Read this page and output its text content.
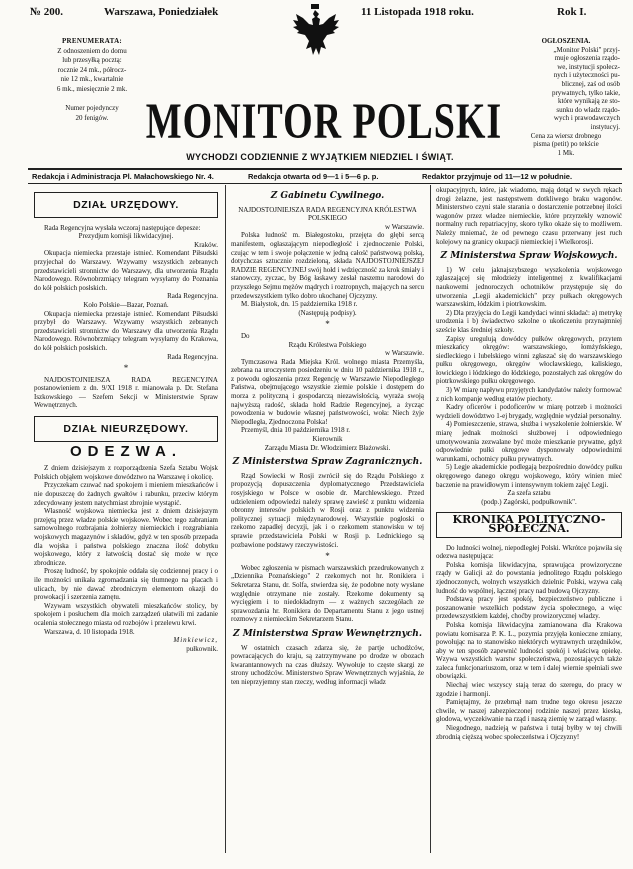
№ 200.	Warszawa, Poniedziałek	11 Listopada 1918 roku.	Rok I.
PRENUMERATA:
Z odnoszeniem do domu
lub przesyłką pocztą:
rocznie 24 mk., półrocz-
nie 12 mk., kwartalnie
6 mk., miesięcznie 2 mk.

Numer pojedynczy
20 fenigów.
OGŁOSZENIA.
„Monitor Polski" przyj-
muje ogłoszenia rządo-
we, instytucji społecz-
nych i użyteczności pu-
blicznej, zaś od osób
prywatnych, tylko takie,
które wynikają ze sto-
sunku do władz rządo-
wych i prawodawczych
instytucyj.
Cena za wiersz drobnego
pisma (petit) po tekście
1 Mk.
MONITOR POLSKI
WYCHODZI CODZIENNIE Z WYJĄTKIEM NIEDZIEL I ŚWIĄT.
Redakcja i Administracja Pl. Małachowskiego Nr. 4.	Redakcja otwarta od 9—1 i 5—6 p. p.	Redaktor przyjmuje od 11—12 w południe.
DZIAŁ URZĘDOWY.

Rada Regencyjna wysłała wczoraj następujące depesze:

Prezydjum komisji likwidacyjnej.

Kraków.

Okupacja niemiecka przestaje istnieć. Komendant Piłsudski przyjechał do Warszawy. Wzywamy wszystkich zebranych przedstawicieli stronnictw do Warszawy, dla utworzenia Rządu Narodowego. Równobrzmiący telegram wysyłamy do Poznania do kół polskich posłskich.

Rada Regencyjna.

Koło Polskie—Bazar, Poznań.

Okupacja niemiecka przestaje istnieć. Komendant Piłsudski przybył do Warszawy. Wzywamy wszystkich zebranych przedstawicieli stronnictw do Warszawy dla utworzenia Rządu Narodowego. Równobrzmiący telegram wysyłamy do Krakowa, do kół polskich posłskich.

Rada Regencyjna.

*

NAJDOSTOJNIEJSZA RADA REGENCYJNA postanowieniem z dn. 9/XI 1918 r. mianowała p. Dr. Stefana Iszkowskiego — Szefem Sekcji w Ministerstwie Spraw Wewnętrznych.

DZIAŁ NIEURZĘDOWY.
ODEZWA.

Z dniem dzisiejszym z rozporządzenia Szefa Sztabu Wojsk Polskich objąłem wojskowe dowództwo na Warszawę i okolicę.

Przyczekam czuwać nad spokojem i mieniem mieszkańców i nie dopuszczę do żadnych gwałtów i rabunku, przeciw którym zdecydowany jestem natychmiast zbrojnie wystąpić.

Własność wojskowa niemiecka jest z dniem dzisiejszym przejętą przez władze polskie wojskowe. Wobec tego zabraniam samowolnego rozbrajania żołnierzy niemieckich i rozgrabiania wojskowych magazynów i składów, gdyż w ten sposób przepada dla wojska i państwa polskiego znaczna ilość dobytku wojskowego, który z łatwością dostać się może w ręce zbrodnicze.

Proszę ludność, by spokojnie oddała się codziennej pracy i o ile możności unikała zgromadzania się tłumnego na placach i ulicach, by nie dawać zbrodniczym elementom okazji do prowokacji i szerzenia zamętu.

Wzywam wszystkich obywateli mieszkańców stolicy, by spokojem i posłuchem dla moich zarządzeń ułatwili mi zadanie ocalenia stołecznego miasta od rozbojów i przelewu krwi.

Warszawa, d. 10 listopada 1918.

Minkiewicz,

pułkownik.

Z Gabinetu Cywilnego.

NAJDOSTOJNIEJSZA RADA REGENCYJNA KRÓLESTWA POLSKIEGO

w Warszawie.

Polska ludność m. Białegostoku, przejęta do głębi sercą manifestem, ogłaszającym niepodległość i zjednoczenie Polski, czując w tem i swoje połączenie w jedną całość państwową polską, dotychczas sztucznie rozdzieloną, składa NAJDOSTOJNIEJSZEJ RADZIE REGENCYJNEJ swój hołd i wdzięczność za krok śmiały i stanowczy, zyczac, by Bóg łaskawy zesłał naszemu narodowi do przyszłego Sejmu mężów mądrych i roztropnych, mających na sercu przedewszystkiem tylko dobro ukochanej Ojczyzny.

M. Białystok, dn. 15 października 1918 r.

(Następują podpisy).

*

Do

Rządu Królestwa Polskiego

w Warszawie.

Tymczasowa Rada Miejska Król. wolnego miasta Przemyśla, zebrana na uroczystem posiedzeniu w dniu 10 października 1918 r., z powodu ogłoszenia przez Regencję w Warszawie Niepodległego Państwa, obejmującego wszystkie ziemie polskie i dostępem do morza z polityczną i gospodarczą niezawisłością, wyraża swoją najwyższą radość, składa hołd Radzie Regencyjnej, a życząc powodzenia w budowie własnej państwowości, woła: Niech żyje Niepodległa, Zjednoczona Polska!

Przemyśl, dnia 10 października 1918 r.

Kierownik

Zarządu Miasta Dr. Włodzimierz Błażowski.

Z Ministerstwa Spraw Zagranicznych.

Rząd Sowiecki w Rosji zwrócił się do Rządu Polskiego z propozycją dopuszczenia dyplomatycznego Przedstawiciela rosyjskiego w Polsce w osobie dr. Marchlewskiego. Przed udzieleniem odpowiedzi należy sprawę zawieść z punktu widzenia obronny interesów polskich w Rosji oraz z punktu widzenia politycznej sytuacji międzynarodowej. Wszystkie pogłoski o rzekomo zapadłej decyzji, jak i o rzekomem stanowisku w tej sprawie przedstawiciela Polski w Rosji p. Lednickiego są pozbawione podstawy rzeczywistości.

*

Wobec zgłoszenia w pismach warszawskich przedrukowanych z „Dziennika Poznańskiego" 2 rzekomych not hr. Ronikiera i Sekretarza Stanu, dr. Solfa, stwierdza się, że podobne noty wysłane względnie otrzymane nie zostały. Rzekome dokumenty są wycięgiem i to niedokładnym — z ważnych szczegółach ze sprawozdania hr. Ronikiera do Departamentu Stanu z jego ustnej rozmowy z niemieckim Sekretarzem Stanu.

Z Ministerstwa Spraw Wewnętrznych.

W ostatnich czasach zdarza się, że partje uchodźców, powracających do kraju, są zatrzymywane po drodze w obozach kwarantannowych na czas dłuższy. Wywołuje to częste skargi ze strony uchodźców. Ministerstwo Spraw Wewnętrznych wyjaśnia, że ten nieprzyjemny stan rzeczy, według informacji władz

okupacyjnych, które, jak wiadomo, mają dotąd w swych rękach drogi żelazne, jest następstwem dotkliwego braku wagonów. Ministerstwo czyni stale starania o dostarczenie potrzebnej ilości wagonów przez władze niemieckie, które przyrzekły wznowić normalny ruch repatriacyjny, skoro tylko okaże się to możliwem. Należy mniemać, że od pewnego czasu przerwany jest ruch kolejowy na granicy okupacji niemieckiej i Wielkorosji.

Z Ministerstwa Spraw Wojskowych.

1) W celu jaknajszybszego wyszkolenia wojskowego zgłaszającej się młodzieży inteligentnej z kwalifikacjami naukowemi jednoroczych ochotników przystępuje się do utworzenia „Legji akademickich" przy pułkach okręgowych warszawskim, łódzkim i piotrkowskim.

2) Dla przyjęcia do Legji kandydaci winni składać: a) metrykę urodzenia i b) świadectwo szkolne o ukończeniu przynajmniej szeście klas średniej szkoły.

Zapisy uregulują dowódcy pułków okręgowych, przytem mieszkańcy okręgów: warszawskiego, łomżyńskiego, siedleckiego i lubelskiego winni zgłaszać się do warszawskiego pułku okręgowego, okręgów włocławskiego, kaliskiego, łowickiego i łódzkiego do łódzkiego, pozostałych zaś okręgów do piotrkowskiego pułku okręgowego.

3) W miarę napływu przyjętych kandydatów należy formować z nich kompanje według etatów piechoty.

Kadry oficerów i podoficerów w miarę potrzeb i możności wydzieli dowództwo 1-ej brygady, względnie wydział personalny.

4) Pomieszczenie, strawa, służba i wyszkolenie żołnierskie. W miarę jednak możności służbowej i odpowiedniego umotywowania zezwalane być może mieszkanie prywatne, gdyż odpowiednie pułki okręgowe dysponowały odpowiednimi warunkami, ochotnicy pułku prywatnych.

5) Legje akademickie podlegają bezpośrednio dowódcy pułku okręgowego danego okręgu wojskowego, który winien mieć baczenie na prawidłowym i intensywnym tokiem zajęć Legji.

Za szefa sztabu

(podp.) Zagórski, podpułkownik".

KRONIKA POLITYCZNO-SPOŁECZNA.

Do ludności wolnej, niepodległej Polski. Wkrótce pojawiła się odezwa następująca:

Polska komisja likwidacyjna, sprawująca prowizoryczne rządy w Galicji aż do powstania jednolitego Rządu polskiego zjednoczonych, wolnych wszystkich dzielnic Polski, wzywa całą ludność do wspólnej, łącznej pracy nad budową Ojczyzny.

Podstawą pracy jest spokój, bezpieczeństwo publiczne i poszanowanie wszelkich podstaw życia społecznego, a więc przedewszystkiem każdej, choćby prowizorycznej władzy.

Polska komisja likwidacyjna zamianowana dla Krakowa powiatu komisarza P. K. L., pozymia przyjęła konieczne zmiany, powołując na to stanowisko niektórych wytrawnych urzędników, aby w ten sposób zapewnić ludności spokój i właściwą opiekę. Wzywa wszystkich warstw społeczeństwa, pozostających także zaleca funkcjonariuszom, oraz w tem i dalej wiernie spełniali swe obowiązki.

Niechaj wiec wszyscy stają teraz do szeregu, do pracy w zgodzie i harmonji.

Pamiętajmy, że przebrnął nam trudne tego okresu jeszcze chwile, w naszej zabezpieczonej rodzinie naszej przez kieską, głodowa, wyczekiwanie na rząd i naszą ziemię w zarząd własny.

Niegodnego, nadzieją w państwa i tutaj byłby w tej chwili zbrodnią cięższą wobec społeczeństwa i Ojczyzny!
